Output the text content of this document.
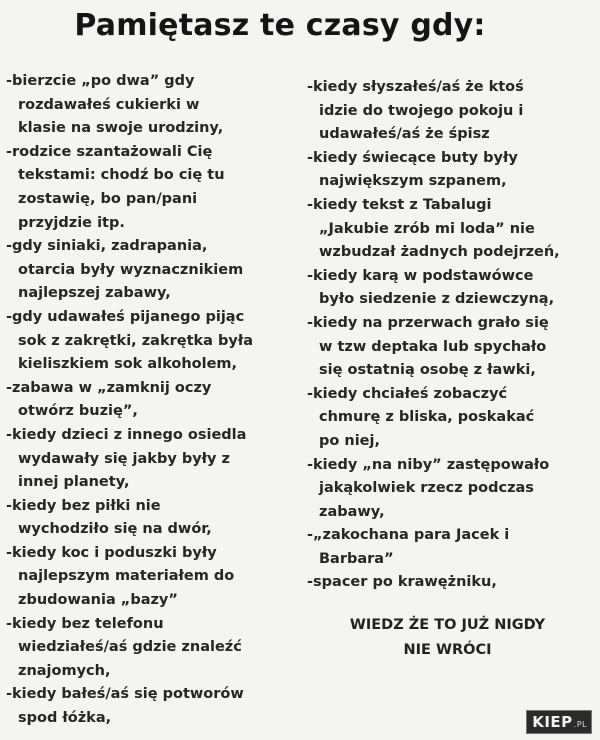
Pamiętasz te czasy gdy:
-bierzcie „po dwa” gdy
rozdawałeś cukierki w
klasie na swoje urodziny,
-rodzice szantażowali Cię
tekstami: chodź bo cię tu
zostawię, bo pan/pani
przyjdzie itp.
-gdy siniaki, zadrapania,
otarcia były wyznacznikiem
najlepszej zabawy,
-gdy udawałeś pijanego pijąc
sok z zakrętki, zakrętka była
kieliszkiem sok alkoholem,
-zabawa w „zamknij oczy
otwórz buzię”,
-kiedy dzieci z innego osiedla
wydawały się jakby były z
innej planety,
-kiedy bez piłki nie
wychodziło się na dwór,
-kiedy koc i poduszki były
najlepszym materiałem do
zbudowania „bazy”
-kiedy bez telefonu
wiedziałeś/aś gdzie znaleźć
znajomych,
-kiedy bałeś/aś się potworów
spod łóżka,
-kiedy słyszałeś/aś że ktoś
idzie do twojego pokoju i
udawałeś/aś że śpisz
-kiedy świecące buty były
największym szpanem,
-kiedy tekst z Tabalugi
„Jakubie zrób mi loda” nie
wzbudzał żadnych podejrzeń,
-kiedy karą w podstawówce
było siedzenie z dziewczyną,
-kiedy na przerwach grało się
w tzw deptaka lub spychało
się ostatnią osobę z ławki,
-kiedy chciałeś zobaczyć
chmurę z bliska, poskakać
po niej,
-kiedy „na niby” zastępowało
jakąkolwiek rzecz podczas
zabawy,
-„zakochana para Jacek i
Barbara”
-spacer po krawężniku,
WIEDZ ŻE TO JUŻ NIGDY
NIE WRÓCI
KIEP .PL
